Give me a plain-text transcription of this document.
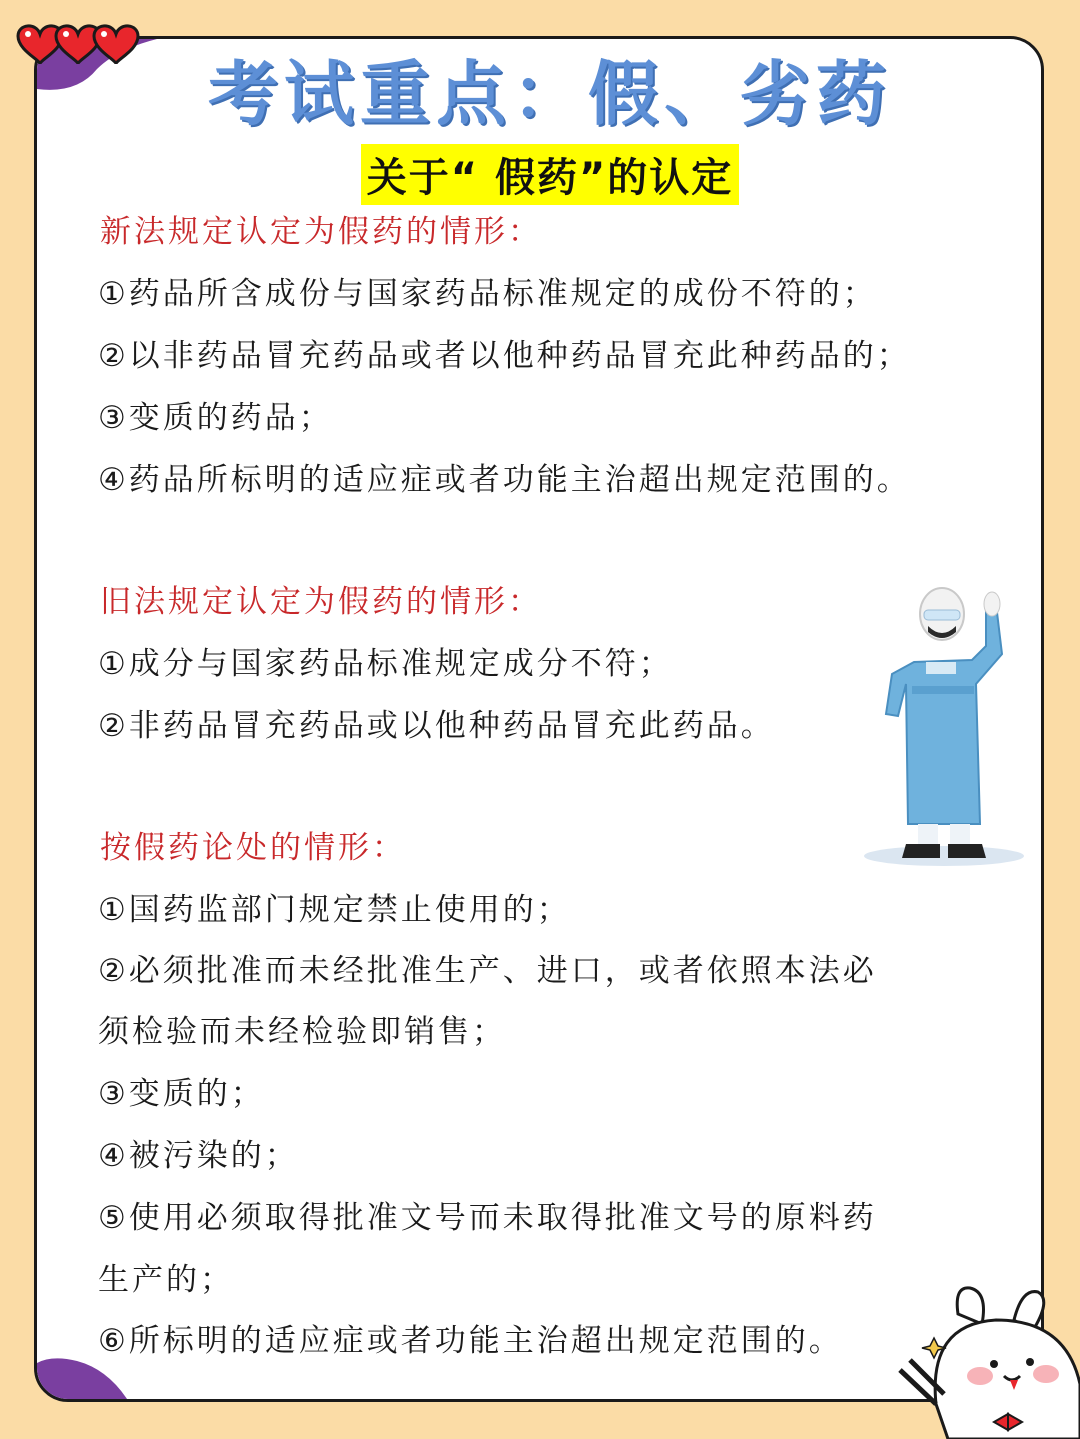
考试重点：假、劣药
关于“ 假药”的认定
新法规定认定为假药的情形：
①药品所含成份与国家药品标准规定的成份不符的；
②以非药品冒充药品或者以他种药品冒充此种药品的；
③变质的药品；
④药品所标明的适应症或者功能主治超出规定范围的。
旧法规定认定为假药的情形：
①成分与国家药品标准规定成分不符；
②非药品冒充药品或以他种药品冒充此药品。
按假药论处的情形：
①国药监部门规定禁止使用的；
②必须批准而未经批准生产、进口，或者依照本法必
须检验而未经检验即销售；
③变质的；
④被污染的；
⑤使用必须取得批准文号而未取得批准文号的原料药
生产的；
⑥所标明的适应症或者功能主治超出规定范围的。
